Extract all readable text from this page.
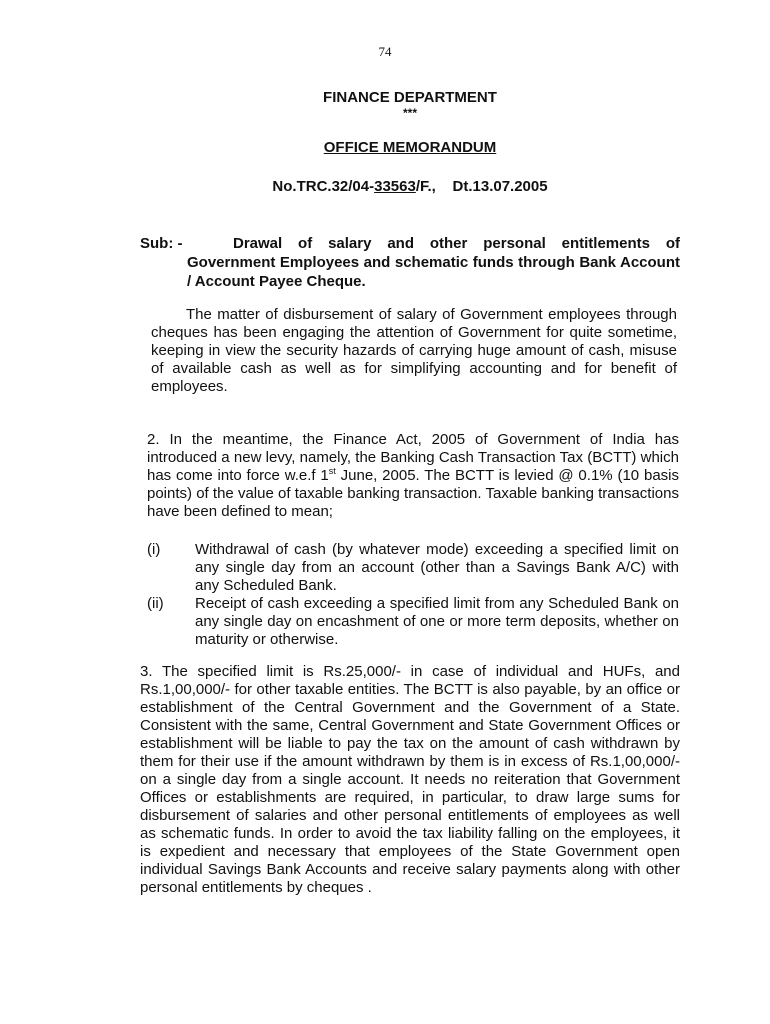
74
FINANCE DEPARTMENT
***
OFFICE MEMORANDUM
No.TRC.32/04-33563/F., Dt.13.07.2005
Sub: -	Drawal of salary and other personal entitlements of Government Employees and schematic funds through Bank Account / Account Payee Cheque.
The matter of disbursement of salary of Government employees through cheques has been engaging the attention of Government for quite sometime, keeping in view the security hazards of carrying huge amount of cash, misuse of available cash as well as for simplifying accounting and for benefit of employees.
2. In the meantime, the Finance Act, 2005 of Government of India has introduced a new levy, namely, the Banking Cash Transaction Tax (BCTT) which has come into force w.e.f 1st June, 2005. The BCTT is levied @ 0.1% (10 basis points) of the value of taxable banking transaction. Taxable banking transactions have been defined to mean;
(i) Withdrawal of cash (by whatever mode) exceeding a specified limit on any single day from an account (other than a Savings Bank A/C) with any Scheduled Bank.
(ii) Receipt of cash exceeding a specified limit from any Scheduled Bank on any single day on encashment of one or more term deposits, whether on maturity or otherwise.
3. The specified limit is Rs.25,000/- in case of individual and HUFs, and Rs.1,00,000/- for other taxable entities. The BCTT is also payable, by an office or establishment of the Central Government and the Government of a State. Consistent with the same, Central Government and State Government Offices or establishment will be liable to pay the tax on the amount of cash withdrawn by them for their use if the amount withdrawn by them is in excess of Rs.1,00,000/- on a single day from a single account. It needs no reiteration that Government Offices or establishments are required, in particular, to draw large sums for disbursement of salaries and other personal entitlements of employees as well as schematic funds. In order to avoid the tax liability falling on the employees, it is expedient and necessary that employees of the State Government open individual Savings Bank Accounts and receive salary payments along with other personal entitlements by cheques .
